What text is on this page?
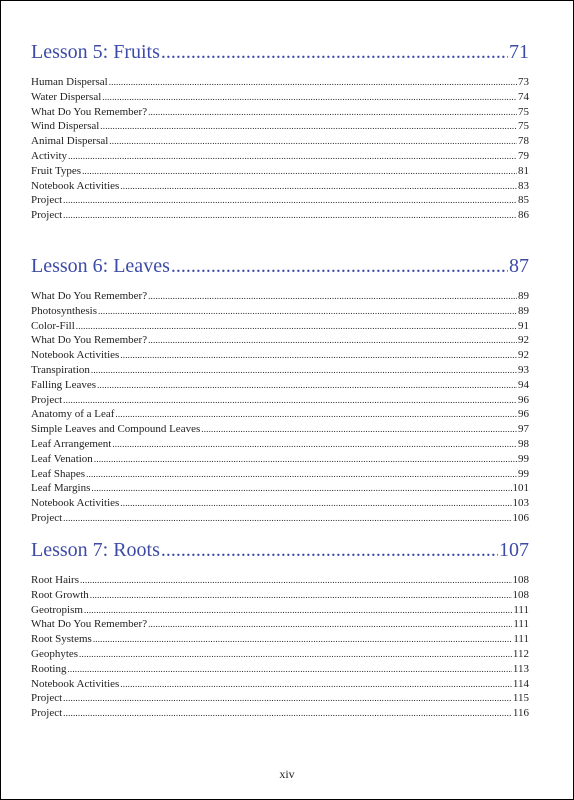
Lesson 5: Fruits .....	71
Human Dispersal .....	73
Water Dispersal .....	74
What Do You Remember? .....	75
Wind Dispersal .....	75
Animal Dispersal .....	78
Activity .....	79
Fruit Types .....	81
Notebook Activities .....	83
Project .....	85
Project .....	86
Lesson 6: Leaves .....	87
What Do You Remember? .....	89
Photosynthesis .....	89
Color-Fill .....	91
What Do You Remember? .....	92
Notebook Activities .....	92
Transpiration .....	93
Falling Leaves .....	94
Project .....	96
Anatomy of a Leaf .....	96
Simple Leaves and Compound Leaves .....	97
Leaf Arrangement .....	98
Leaf Venation .....	99
Leaf Shapes .....	99
Leaf Margins .....	101
Notebook Activities .....	103
Project .....	106
Lesson 7: Roots .....	107
Root Hairs .....	108
Root Growth .....	108
Geotropism .....	111
What Do You Remember? .....	111
Root Systems .....	111
Geophytes .....	112
Rooting .....	113
Notebook Activities .....	114
Project .....	115
Project .....	116
xiv
